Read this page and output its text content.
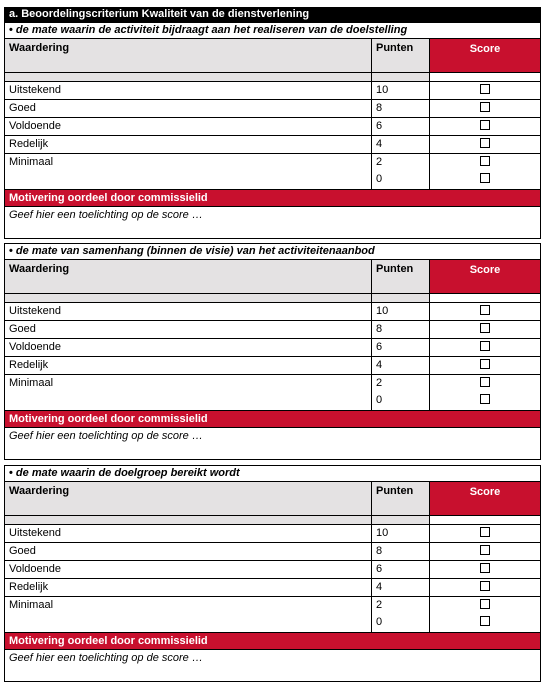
a. Beoordelingscriterium Kwaliteit van de dienstverlening
• de mate waarin de activiteit bijdraagt aan het realiseren van de doelstelling
Waardering	Punten	Score
Uitstekend	10
Goed	8
Voldoende	6
Redelijk	4
Minimaal	2
0
Motivering oordeel door commissielid
Geef hier een toelichting op de score …
• de mate van samenhang (binnen de visie) van het activiteitenaanbod
Waardering	Punten	Score
Uitstekend	10
Goed	8
Voldoende	6
Redelijk	4
Minimaal	2
0
Motivering oordeel door commissielid
Geef hier een toelichting op de score …
• de mate waarin de doelgroep bereikt wordt
Waardering	Punten	Score
Uitstekend	10
Goed	8
Voldoende	6
Redelijk	4
Minimaal	2
0
Motivering oordeel door commissielid
Geef hier een toelichting op de score …
